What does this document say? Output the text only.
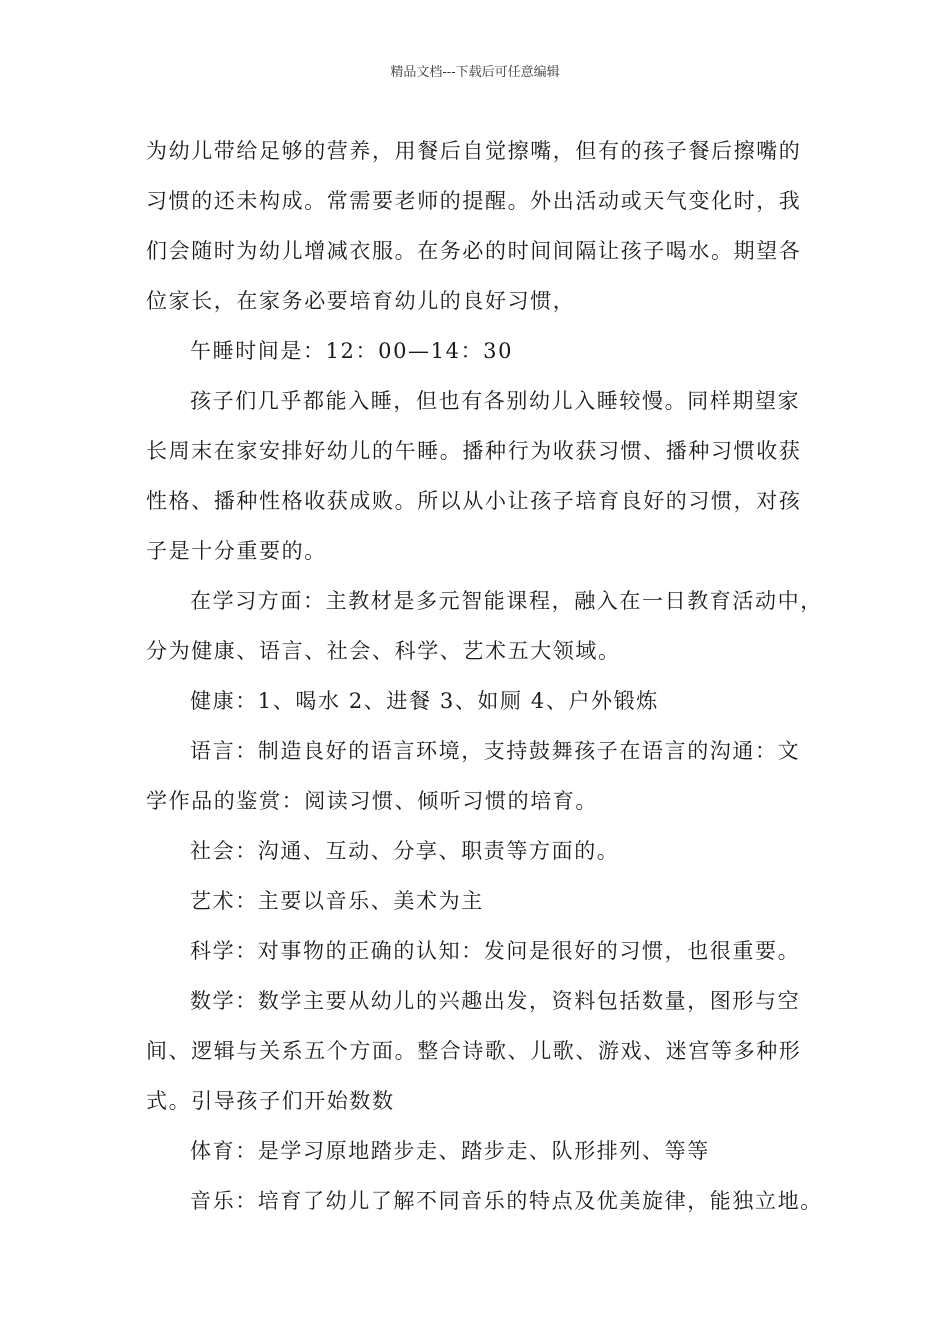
精品文档---下载后可任意编辑
为幼儿带给足够的营养，用餐后自觉擦嘴，但有的孩子餐后擦嘴的
习惯的还未构成。常需要老师的提醒。外出活动或天气变化时，我
们会随时为幼儿增减衣服。在务必的时间间隔让孩子喝水。期望各
位家长，在家务必要培育幼儿的良好习惯，
午睡时间是：12：00—14：30
孩子们几乎都能入睡，但也有各别幼儿入睡较慢。同样期望家
长周末在家安排好幼儿的午睡。播种行为收获习惯、播种习惯收获
性格、播种性格收获成败。所以从小让孩子培育良好的习惯，对孩
子是十分重要的。
在学习方面：主教材是多元智能课程，融入在一日教育活动中，
分为健康、语言、社会、科学、艺术五大领域。
健康：1、喝水 2、进餐 3、如厕 4、户外锻炼
语言：制造良好的语言环境，支持鼓舞孩子在语言的沟通：文
学作品的鉴赏：阅读习惯、倾听习惯的培育。
社会：沟通、互动、分享、职责等方面的。
艺术：主要以音乐、美术为主
科学：对事物的正确的认知：发问是很好的习惯，也很重要。
数学：数学主要从幼儿的兴趣出发，资料包括数量，图形与空
间、逻辑与关系五个方面。整合诗歌、儿歌、游戏、迷宫等多种形
式。引导孩子们开始数数
体育：是学习原地踏步走、踏步走、队形排列、等等
音乐：培育了幼儿了解不同音乐的特点及优美旋律，能独立地。
